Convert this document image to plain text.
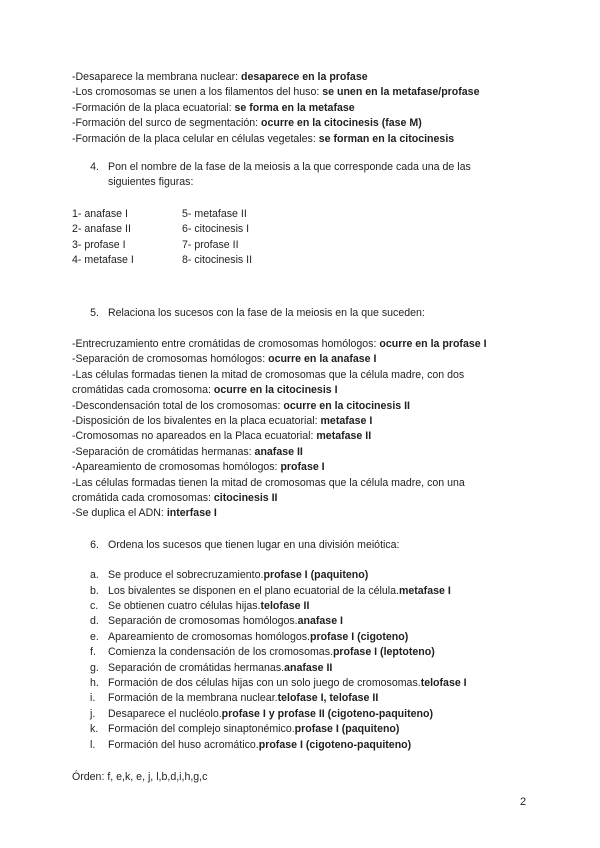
-Desaparece la membrana nuclear: desaparece en la profase
-Los cromosomas se unen a los filamentos del huso: se unen en la metafase/profase
-Formación de la placa ecuatorial: se forma en la metafase
-Formación del surco de segmentación: ocurre en la citocinesis (fase M)
-Formación de la placa celular en células vegetales: se forman en la citocinesis
4. Pon el nombre de la fase de la meiosis a la que corresponde cada una de las siguientes figuras:
1- anafase I	5- metafase II
2- anafase II	6- citocinesis I
3- profase I	7- profase II
4- metafase I	8- citocinesis II
5. Relaciona los sucesos con la fase de la meiosis en la que suceden:
-Entrecruzamiento entre cromátidas de cromosomas homólogos: ocurre en la profase I
-Separación de cromosomas homólogos: ocurre en la anafase I
-Las células formadas tienen la mitad de cromosomas que la célula madre, con dos
cromátidas cada cromosoma: ocurre en la citocinesis I
-Descondensación total de los cromosomas: ocurre en la citocinesis II
-Disposición de los bivalentes en la placa ecuatorial: metafase I
-Cromosomas no apareados en la Placa ecuatorial: metafase II
-Separación de cromátidas hermanas: anafase II
-Apareamiento de cromosomas homólogos: profase I
-Las células formadas tienen la mitad de cromosomas que la célula madre, con una
cromátida cada cromosomas: citocinesis II
-Se duplica el ADN: interfase I
6. Ordena los sucesos que tienen lugar en una división meiótica:
a. Se produce el sobrecruzamiento. profase I (paquiteno)
b. Los bivalentes se disponen en el plano ecuatorial de la célula. metafase I
c. Se obtienen cuatro células hijas. telofase II
d. Separación de cromosomas homólogos. anafase I
e. Apareamiento de cromosomas homólogos. profase I (cigoteno)
f.	Comienza la condensación de los cromosomas. profase I (leptoteno)
g. Separación de cromátidas hermanas. anafase II
h. Formación de dos células hijas con un solo juego de cromosomas. telofase I
i.	Formación de la membrana nuclear. telofase I, telofase II
j.	Desaparece el nucléolo. profase I y profase II (cigoteno-paquiteno)
k. Formación del complejo sinaptonémico. profase I (paquiteno)
l.	Formación del huso acromático. profase I (cigoteno-paquiteno)
Órden: f, e,k, e, j, l,b,d,i,h,g,c
2
